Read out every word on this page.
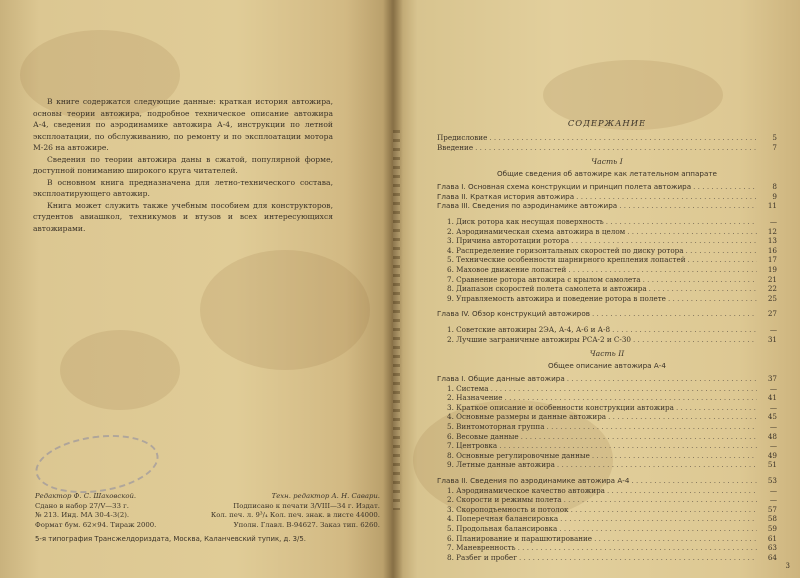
В книге содержатся следующие данные: краткая история автожира, основы теории автожира, подробное техническое описание автожира А-4, сведения по аэродинамике автожира А-4, инструкции по летной эксплоатации, по обслуживанию, по ремонту и по эксплоатации мотора М-26 на автожире.

Сведения по теории автожира даны в сжатой, популярной форме, доступной пониманию широкого круга читателей.

В основном книга предназначена для летно-технического состава, эксплоатирующего автожир.

Книга может служить также учебным пособием для конструкторов, студентов авиашкол, техникумов и втузов и всех интересующихся автожирами.

Редактор Ф. С. Шаховской.	Техн. редактор А. Н. Савари.
Сдано в набор 27/V—33 г.	Подписано к печати 3/VIII—34 г. Издат.
№ 213. Инд. МА 30-4-3(2).	Кол. печ. л. 9³/₄ Кол. печ. знак. в листе 44000.
Формат бум. 62×94. Тираж 2000.	Уполн. Главл. В-94627. Заказ тип. 6260.
5-я типография Трансжелдориздата, Москва, Каланчевский тупик, д. 3/5.
СОДЕРЖАНИЕ
Предисловие . . .	5
Введение . . .	7
Часть I
Общие сведения об автожире как летательном аппарате
Глава I. Основная схема конструкции и принцип полета автожира . . .	8
Глава II. Краткая история автожира . . .	9
Глава III. Сведения по аэродинамике автожира . . .	11
1. Диск ротора как несущая поверхность . . .	—
2. Аэродинамическая схема автожира в целом . . .	12
3. Причина авторотации ротора . . .	13
4. Распределение горизонтальных скоростей по диску ротора . . .	16
5. Технические особенности шарнирного крепления лопастей . . .	17
6. Маховое движение лопастей . . .	19
7. Сравнение ротора автожира с крылом самолета . . .	21
8. Диапазон скоростей полета самолета и автожира . . .	22
9. Управляемость автожира и поведение ротора в полете . . .	25
Глава IV. Обзор конструкций автожиров . . .	27
1. Советские автожиры 2ЭА, А-4, А-6 и А-8 . . .	—
2. Лучшие заграничные автожиры PCA-2 и С-30 . . .	31
Часть II
Общее описание автожира А-4
Глава I. Общие данные автожира . . .	37
1. Система . . .	—
2. Назначение . . .	41
3. Краткое описание и особенности конструкции автожира . . .	—
4. Основные размеры и данные автожира . . .	45
5. Винтомоторная группа . . .	—
6. Весовые данные . . .	48
7. Центровка . . .	—
8. Основные регулировочные данные . . .	49
9. Летные данные автожира . . .	51
Глава II. Сведения по аэродинамике автожира А-4 . . .	53
1. Аэродинамическое качество автожира . . .	—
2. Скорости и режимы полета . . .	—
3. Скороподъемность и потолок . . .	57
4. Поперечная балансировка . . .	58
5. Продольная балансировка . . .	59
6. Планирование и парашютирование . . .	61
7. Маневренность . . .	63
8. Разбег и пробег . . .	64
3
